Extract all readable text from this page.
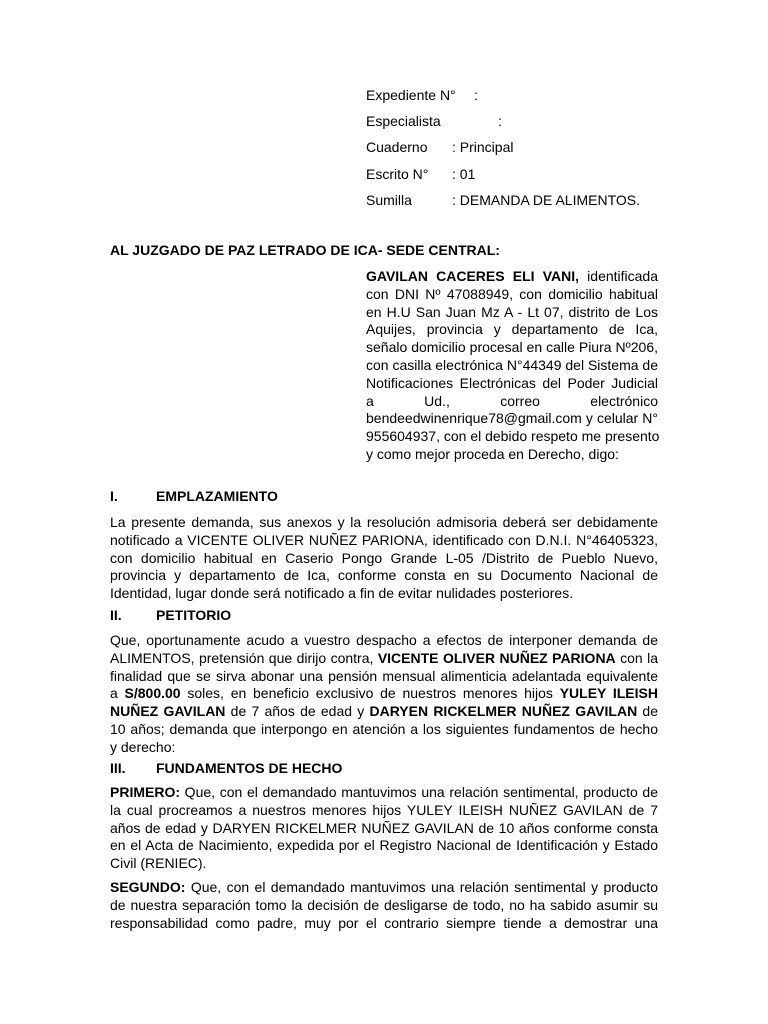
Expediente N° :
Especialista	:
Cuaderno : Principal
Escrito N° : 01
Sumilla	: DEMANDA DE ALIMENTOS.
AL JUZGADO DE PAZ LETRADO DE ICA- SEDE CENTRAL:
GAVILAN CACERES ELI VANI, identificada
con DNI Nº 47088949, con domicilio habitual
en H.U San Juan Mz A - Lt 07, distrito de Los
Aquijes, provincia y departamento de Ica,
señalo domicilio procesal en calle Piura Nº206,
con casilla electrónica N°44349 del Sistema de
Notificaciones Electrónicas del Poder Judicial
a Ud., correo electrónico
bendeedwinenrique78@gmail.com y celular N°
955604937, con el debido respeto me presento
y como mejor proceda en Derecho, digo:
I.	EMPLAZAMIENTO
La presente demanda, sus anexos y la resolución admisoria deberá ser debidamente
notificado a VICENTE OLIVER NUÑEZ PARIONA, identificado con D.N.I. N°46405323,
con domicilio habitual en Caserio Pongo Grande L-05 /Distrito de Pueblo Nuevo,
provincia y departamento de Ica, conforme consta en su Documento Nacional de
Identidad, lugar donde será notificado a fin de evitar nulidades posteriores.
II. PETITORIO
Que, oportunamente acudo a vuestro despacho a efectos de interponer demanda de
ALIMENTOS, pretensión que dirijo contra, VICENTE OLIVER NUÑEZ PARIONA con la
finalidad que se sirva abonar una pensión mensual alimenticia adelantada equivalente
a S/800.00 soles, en beneficio exclusivo de nuestros menores hijos YULEY ILEISH
NUÑEZ GAVILAN de 7 años de edad y DARYEN RICKELMER NUÑEZ GAVILAN de
10 años; demanda que interpongo en atención a los siguientes fundamentos de hecho
y derecho:
III. FUNDAMENTOS DE HECHO
PRIMERO: Que, con el demandado mantuvimos una relación sentimental, producto de
la cual procreamos a nuestros menores hijos YULEY ILEISH NUÑEZ GAVILAN de 7
años de edad y DARYEN RICKELMER NUÑEZ GAVILAN de 10 años conforme consta
en el Acta de Nacimiento, expedida por el Registro Nacional de Identificación y Estado
Civil (RENIEC).
SEGUNDO: Que, con el demandado mantuvimos una relación sentimental y producto
de nuestra separación tomo la decisión de desligarse de todo, no ha sabido asumir su
responsabilidad como padre, muy por el contrario siempre tiende a demostrar una
